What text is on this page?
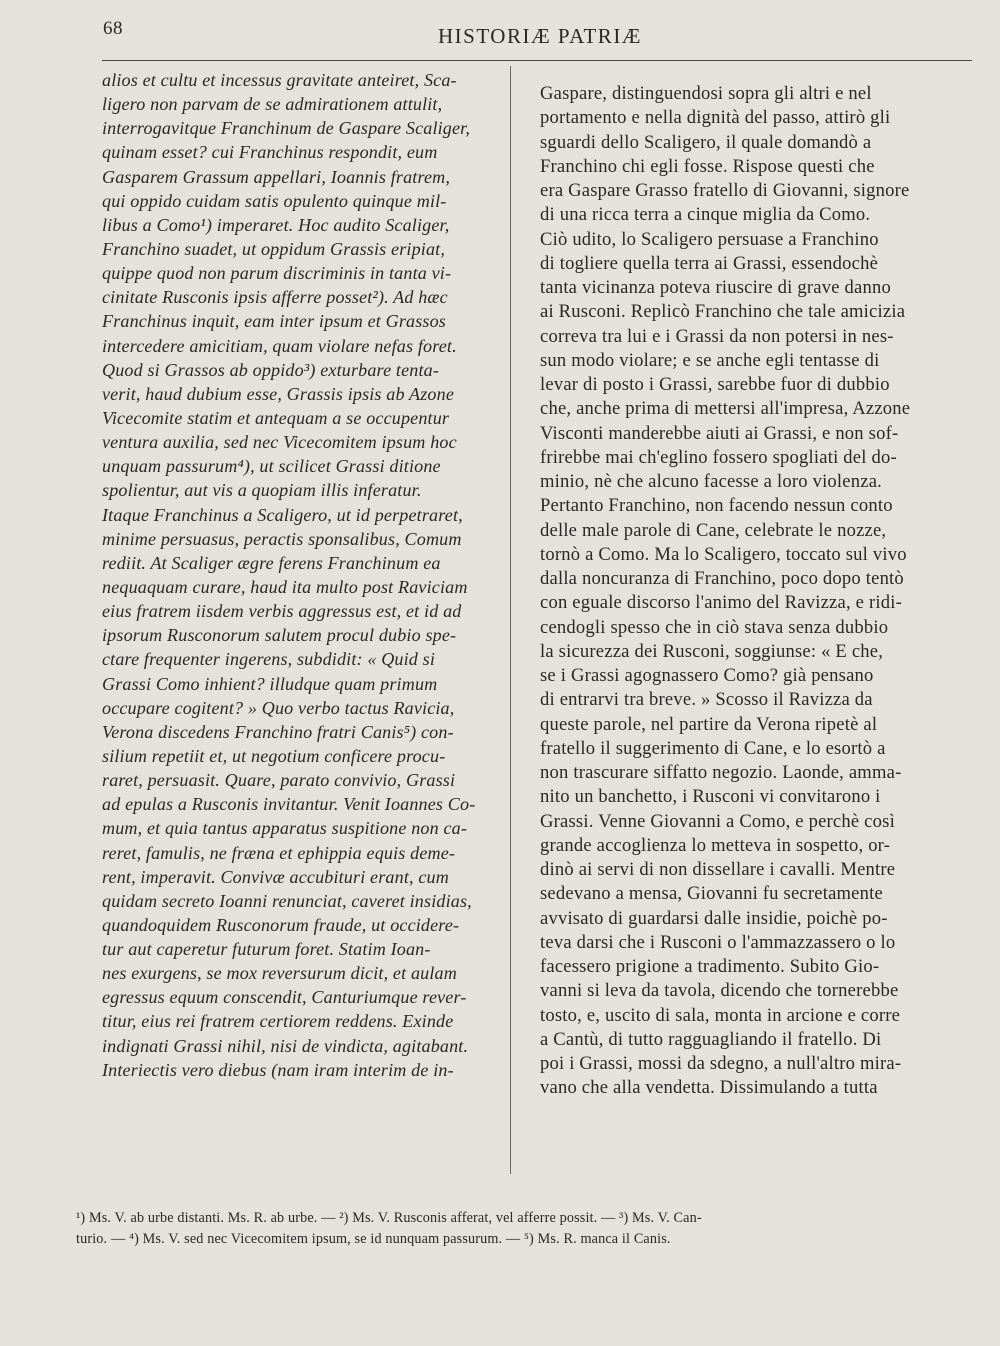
68	HISTORIÆ PATRIÆ
alios et cultu et incessus gravitate anteiret, Sca-
ligero non parvam de se admirationem attulit,
interrogavitque Franchinum de Gaspare Scaliger,
quinam esset? cui Franchinus respondit, eum
Gasparem Grassum appellari, Ioannis fratrem,
qui oppido cuidam satis opulento quinque mil-
libus a Como¹) imperaret. Hoc audito Scaliger,
Franchino suadet, ut oppidum Grassis eripiat,
quippe quod non parum discriminis in tanta vi-
cinitate Rusconis ipsis afferre posset²). Ad hæc
Franchinus inquit, eam inter ipsum et Grassos
intercedere amicitiam, quam violare nefas foret.
Quod si Grassos ab oppido³) exturbare tenta-
verit, haud dubium esse, Grassis ipsis ab Azone
Vicecomite statim et antequam a se occupentur
ventura auxilia, sed nec Vicecomitem ipsum hoc
unquam passurum⁴), ut scilicet Grassi ditione
spolientur, aut vis a quopiam illis inferatur.
Itaque Franchinus a Scaligero, ut id perpetraret,
minime persuasus, peractis sponsalibus, Comum
rediit. At Scaliger ægre ferens Franchinum ea
nequaquam curare, haud ita multo post Raviciam
eius fratrem iisdem verbis aggressus est, et id ad
ipsorum Rusconorum salutem procul dubio spe-
ctare frequenter ingerens, subdidit: « Quid si
Grassi Como inhient? illudque quam primum
occupare cogitent? » Quo verbo tactus Ravicia,
Verona discedens Franchino fratri Canis⁵) con-
silium repetiit et, ut negotium conficere procu-
raret, persuasit. Quare, parato convivio, Grassi
ad epulas a Rusconis invitantur. Venit Ioannes Co-
mum, et quia tantus apparatus suspitione non ca-
reret, famulis, ne fræna et ephippia equis deme-
rent, imperavit. Convivæ accubituri erant, cum
quidam secreto Ioanni renunciat, caveret insidias,
quandoquidem Rusconorum fraude, ut occidere-
tur aut caperetur futurum foret. Statim Ioan-
nes exurgens, se mox reversurum dicit, et aulam
egressus equum conscendit, Canturiumque rever-
titur, eius rei fratrem certiorem reddens. Exinde
indignati Grassi nihil, nisi de vindicta, agitabant.
Interiectis vero diebus (nam iram interim de in-
Gaspare, distinguendosi sopra gli altri e nel
portamento e nella dignità del passo, attirò gli
sguardi dello Scaligero, il quale domandò a
Franchino chi egli fosse. Rispose questi che
era Gaspare Grasso fratello di Giovanni, signore
di una ricca terra a cinque miglia da Como.
Ciò udito, lo Scaligero persuase a Franchino
di togliere quella terra ai Grassi, essendochè
tanta vicinanza poteva riuscire di grave danno
ai Rusconi. Replicò Franchino che tale amicizia
correva tra lui e i Grassi da non potersi in nes-
sun modo violare; e se anche egli tentasse di
levar di posto i Grassi, sarebbe fuor di dubbio
che, anche prima di mettersi all'impresa, Azzone
Visconti manderebbe aiuti ai Grassi, e non sof-
frirebbe mai ch'eglino fossero spogliati del do-
minio, nè che alcuno facesse a loro violenza.
Pertanto Franchino, non facendo nessun conto
delle male parole di Cane, celebrate le nozze,
tornò a Como. Ma lo Scaligero, toccato sul vivo
dalla noncuranza di Franchino, poco dopo tentò
con eguale discorso l'animo del Ravizza, e ridi-
cendogli spesso che in ciò stava senza dubbio
la sicurezza dei Rusconi, soggiunse: « E che,
se i Grassi agognassero Como? già pensano
di entrarvi tra breve. » Scosso il Ravizza da
queste parole, nel partire da Verona ripetè al
fratello il suggerimento di Cane, e lo esortò a
non trascurare siffatto negozio. Laonde, ammа-
nito un banchetto, i Rusconi vi convitarono i
Grassi. Venne Giovanni a Como, e perchè così
grande accoglienza lo metteva in sospetto, or-
dinò ai servi di non dissellare i cavalli. Mentre
sedevano a mensa, Giovanni fu secretamente
avvisato di guardarsi dalle insidie, poichè po-
teva darsi che i Rusconi o l'ammazzassero o lo
facessero prigione a tradimento. Subito Gio-
vanni si leva da tavola, dicendo che tornerebbe
tosto, e, uscito di sala, monta in arcione e corre
a Cantù, di tutto ragguagliando il fratello. Di
poi i Grassi, mossi da sdegno, a null'altro mira-
vano che alla vendetta. Dissimulando a tutta
¹) Ms. V. ab urbe distanti. Ms. R. ab urbe. — ²) Ms. V. Rusconis afferat, vel afferre possit. — ³) Ms. V. Can-
turio. — ⁴) Ms. V. sed nec Vicecomitem ipsum, se id nunquam passurum. — ⁵) Ms. R. manca il Canis.
